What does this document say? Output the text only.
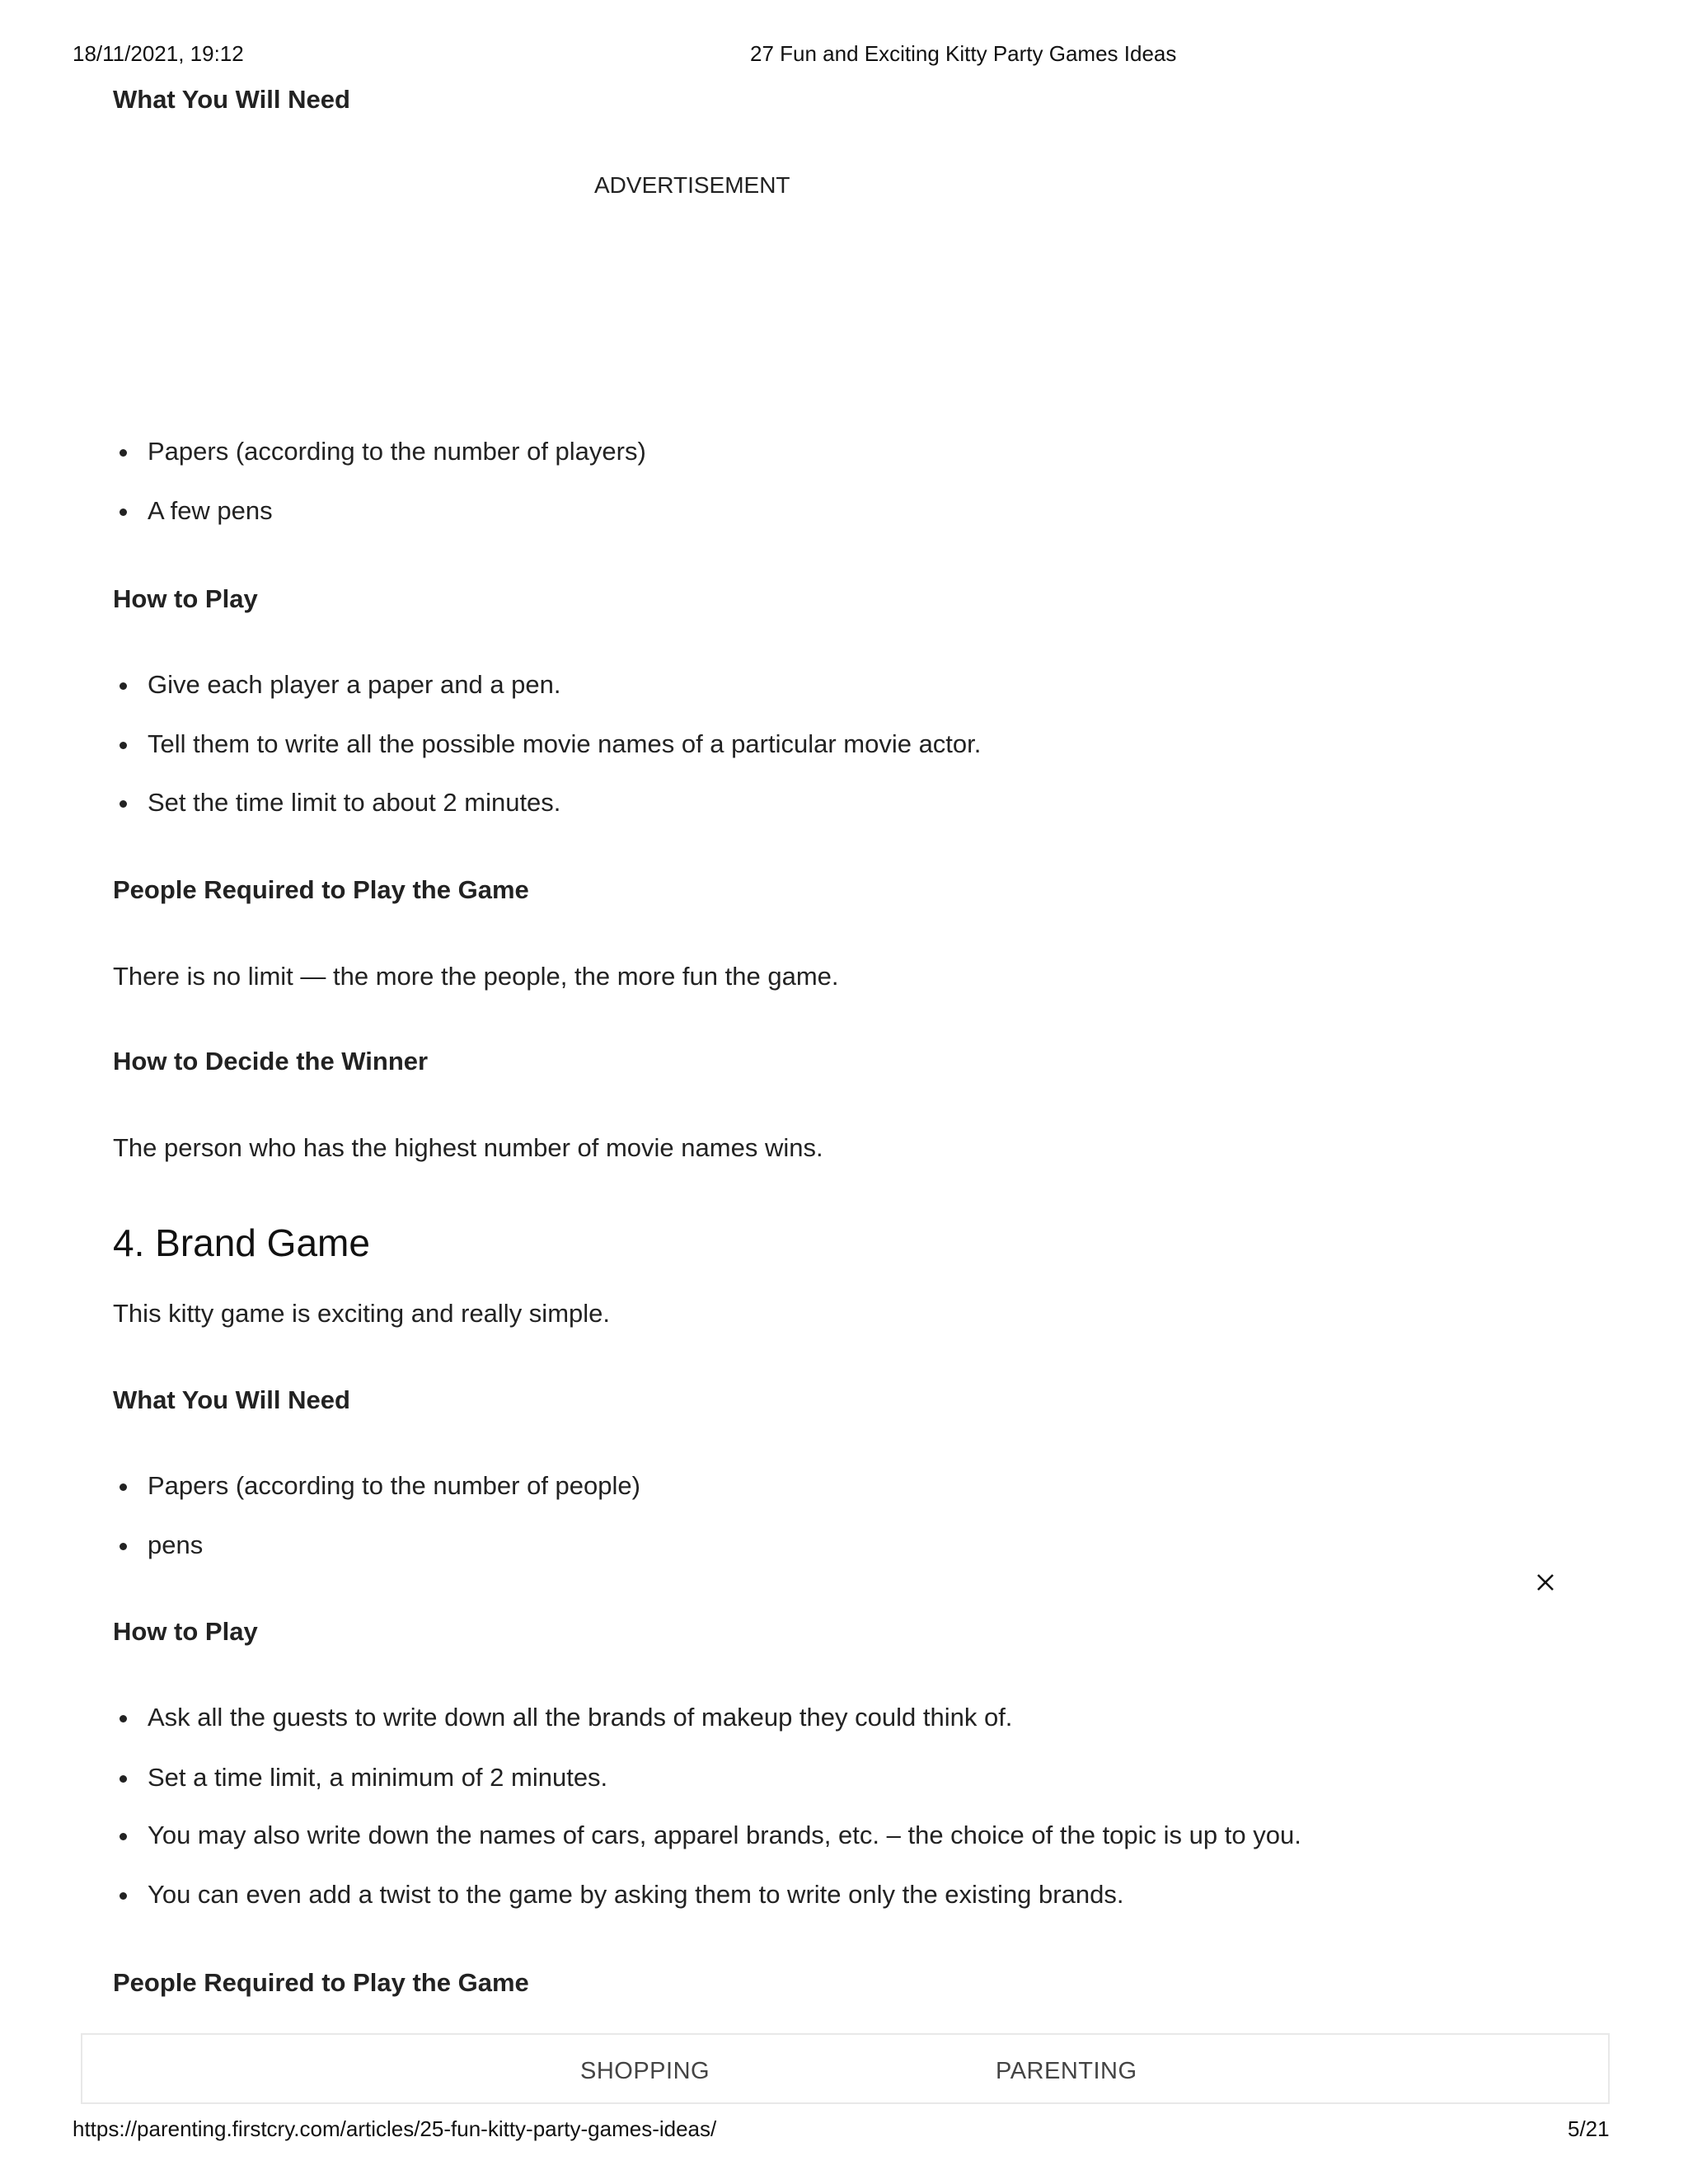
18/11/2021, 19:12	27 Fun and Exciting Kitty Party Games Ideas
What You Will Need
ADVERTISEMENT
Papers (according to the number of players)
A few pens
How to Play
Give each player a paper and a pen.
Tell them to write all the possible movie names of a particular movie actor.
Set the time limit to about 2 minutes.
People Required to Play the Game
There is no limit — the more the people, the more fun the game.
How to Decide the Winner
The person who has the highest number of movie names wins.
4. Brand Game
This kitty game is exciting and really simple.
What You Will Need
Papers (according to the number of people)
pens
How to Play
Ask all the guests to write down all the brands of makeup they could think of.
Set a time limit, a minimum of 2 minutes.
You may also write down the names of cars, apparel brands, etc. – the choice of the topic is up to you.
You can even add a twist to the game by asking them to write only the existing brands.
People Required to Play the Game
SHOPPING	PARENTING
https://parenting.firstcry.com/articles/25-fun-kitty-party-games-ideas/	5/21
